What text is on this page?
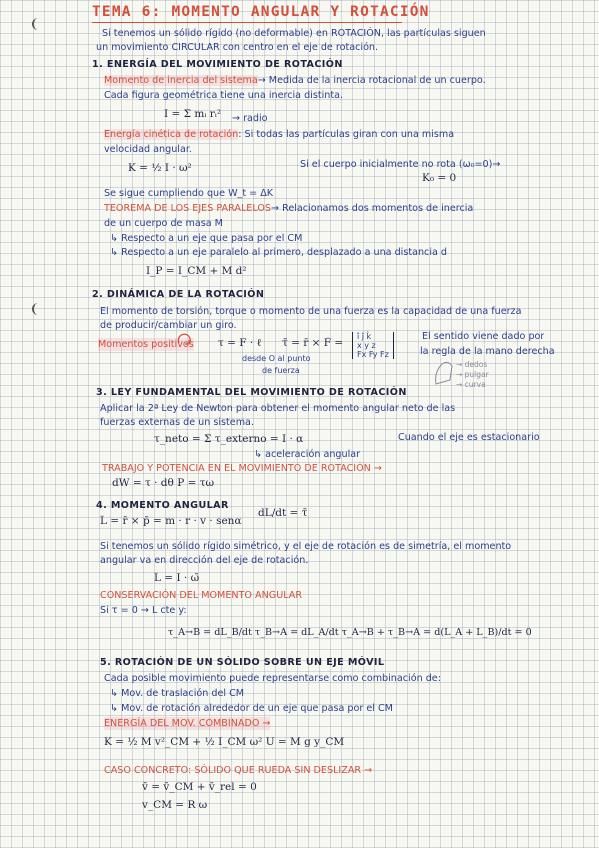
TEMA 6: MOMENTO ANGULAR Y ROTACIÓN
Si tenemos un sólido rígido (no deformable) en ROTACIÓN, las partículas siguen
un movimiento CIRCULAR con centro en el eje de rotación.
1. ENERGÍA DEL MOVIMIENTO DE ROTACIÓN
Momento de inercia del sistema→ Medida de la inercia rotacional de un cuerpo.
Cada figura geométrica tiene una inercia distinta.
I = Σ mᵢ rᵢ² → radio
Energía cinética de rotación: Si todas las partículas giran con una misma
velocidad angular.
K = ½ I · ω²	Si el cuerpo inicialmente no rota (ω₀=0)→
K₀ = 0
Se sigue cumpliendo que W_t = ΔK
TEOREMA DE LOS EJES PARALELOS→ Relacionamos dos momentos de inercia
de un cuerpo de masa M
↳ Respecto a un eje que pasa por el CM
↳ Respecto a un eje paralelo al primero, desplazado a una distancia d
I_P = I_CM + M d²
2. DINÁMICA DE LA ROTACIÓN
El momento de torsión, torque o momento de una fuerza es la capacidad de una fuerza
de producir/cambiar un giro.
Momentos positivos τ = F · ℓ τ̄ = r̄ × F̄ =
î ĵ k̂
x y z
Fx Fy Fz
desde O al punto
de fuerza
El sentido viene dado por
la regla de la mano derecha
→ dedos
→ pulgar
→ curva
3. LEY FUNDAMENTAL DEL MOVIMIENTO DE ROTACIÓN
Aplicar la 2ª Ley de Newton para obtener el momento angular neto de las
fuerzas externas de un sistema.
τ_neto = Σ τ_externo = I · α
↳ aceleración angular
Cuando el eje es estacionario
TRABAJO Y POTENCIA EN EL MOVIMIENTO DE ROTACIÓN →
dW = τ · dθ P = τω
4. MOMENTO ANGULAR
L̄ = r̄ × p̄ = m · r · v · senα
dL/dt = τ̄
Si tenemos un sólido rígido simétrico, y el eje de rotación es de simetría, el momento
angular va en dirección del eje de rotación.
L̄ = I · ω̄
CONSERVACIÓN DEL MOMENTO ANGULAR
Si τ = 0 → L cte y:
τ_A→B = dL_B/dt τ_B→A = dL_A/dt τ_A→B + τ_B→A = d(L_A + L_B)/dt = 0
5. ROTACIÓN DE UN SÓLIDO SOBRE UN EJE MÓVIL
Cada posible movimiento puede representarse como combinación de:
↳ Mov. de traslación del CM
↳ Mov. de rotación alrededor de un eje que pasa por el CM
ENERGÍA DEL MOV. COMBINADO →
K = ½ M v²_CM + ½ I_CM ω² U = M g y_CM
CASO CONCRETO: SÓLIDO QUE RUEDA SIN DESLIZAR →
v̄ = v̄_CM + v̄_rel = 0
v_CM = R ω
